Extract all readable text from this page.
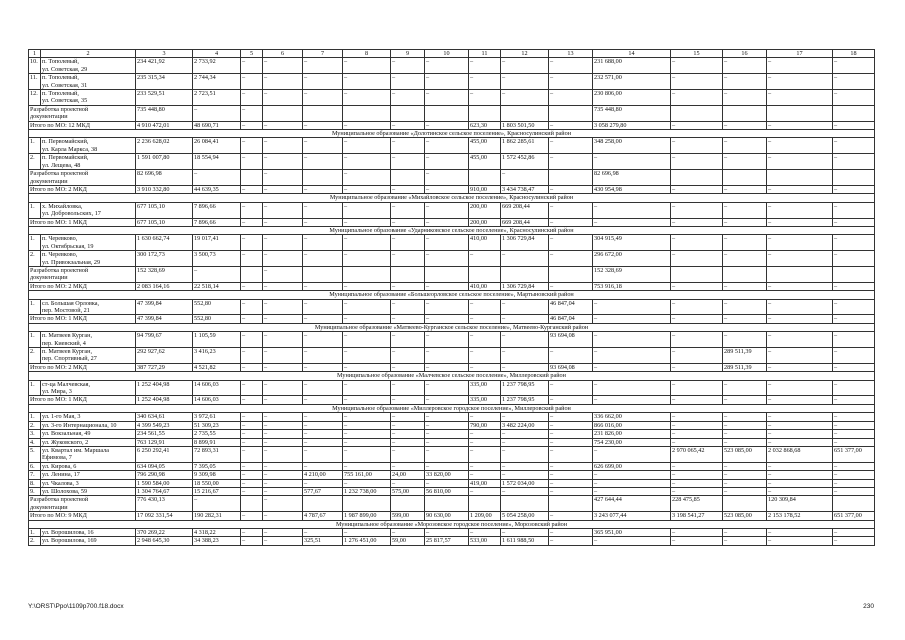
1	2	3	4	5	6	7	8	9	10	11	12	13	14	15	16	17	18
10.	п. Тополевый,
ул. Советская, 29	234 421,92	2 733,92	–	–	–	–	–	–	–	–	–	231 688,00	–	–	–	–
11.	п. Тополевый,
ул. Советская, 31	235 315,34	2 744,34	–	–	–	–	–	–	–	–	–	232 571,00	–	–	–	–
12.	п. Тополевый,
ул. Советская, 35	233 529,51	2 723,51	–	–	–	–	–	–	–	–	–	230 806,00	–	–	–	–
Разработка проектной
документации		735 448,80	–	–									735 448,80				
Итого по МО: 12 МКД		4 910 472,01	48 690,71	–	–	–	–	–	–	623,30	1 803 501,50	–	3 058 279,80	–	–	–	–
Муниципальное образование «Долотинское сельское поселение», Красносулинский район																	
1.	п. Первомайский,
ул. Карла Маркса, 38	2 236 628,02	26 084,41	–	–	–	–	–	–	455,00	1 862 285,61	–	348 258,00	–	–	–	–
2.	п. Первомайский,
ул. Лещева, 48	1 591 007,80	18 554,94	–	–	–	–	–	–	455,00	1 572 452,86	–	–	–	–	–	–
Разработка проектной
документации		82 696,98	–		–		–		–		–		82 696,98				
Итого по МО: 2 МКД		3 910 332,80	44 639,35	–	–	–	–	–	–	910,00	3 434 738,47	–	430 954,98	–	–	–	–
Муниципальное образование «Михайловское сельское поселение», Красносулинский район																	
1.	х. Михайловка,
ул. Добровольских, 17	677 105,10	7 896,66	–	–	–	–	–	–	200,00	669 208,44	–	–	–	–	–	–
Итого по МО: 1 МКД		677 105,10	7 896,66	–	–	–	–	–	–	200,00	669 208,44	–	–	–	–	–	–
Муниципальное образование «Ударниковское сельское поселение», Красносулинский район																	
1.	п. Черевково,
ул. Октябрьская, 19	1 630 662,74	19 017,41	–	–	–	–	–	–	410,00	1 306 729,84	–	304 915,49	–	–	–	–
2.	п. Черевково,
ул. Привокзальная, 29	300 172,73	3 500,73	–	–	–	–	–	–	–	–	–	296 672,00	–	–	–	–
Разработка проектной
документации		152 328,69	–		–								152 328,69				
Итого по МО: 2 МКД		2 083 164,16	22 518,14	–	–	–	–	–	–	410,00	1 306 729,84	–	753 916,18	–	–	–	–
Муниципальное образование «Большеорловское сельское поселение», Мартыновский район																	
1.	сл. Большая Орловка,
пер. Мостовой, 21	47 399,84	552,80	–	–	–	–	–	–	–	–	46 847,04	–	–	–	–	–
Итого по МО: 1 МКД		47 399,84	552,80	–	–	–	–	–	–	–	–	46 847,04	–	–	–	–	–
Муниципальное образование «Матвеево-Курганское сельское поселение», Матвеево-Курганский район																	
1.	п. Матвеев Курган,
пер. Киевский, 4	94 799,67	1 105,59	–	–	–	–	–	–	–	–	93 694,08	–	–	–	–	–
2.	п. Матвеев Курган,
пер. Спортивный, 27	292 927,62	3 416,23	–	–	–	–	–	–	–	–	–	–	–	289 511,39	–	–
Итого по МО: 2 МКД		387 727,29	4 521,82	–	–	–	–	–	–	–	–	93 694,08	–	–	289 511,39	–	–
Муниципальное образование «Малчевское сельское поселение», Миллеровский район																	
1.	ст-ца Малчевская,
ул. Мира, 3	1 252 404,98	14 606,03	–	–	–	–	–	–	335,00	1 237 798,95	–	–	–	–	–	–
Итого по МО: 1 МКД		1 252 404,98	14 606,03	–	–	–	–	–	–	335,00	1 237 798,95	–	–	–	–	–	–
Муниципальное образование «Миллеровское городское поселение», Миллеровский район																	
1.	ул. 1-го Мая, 3	340 634,61	3 972,61	–	–	–	–	–	–	–	–	–	336 662,00	–	–	–	–
2.	ул. 3-го Интернационала, 10	4 399 549,23	51 309,23	–	–	–	–	–	–	790,00	3 482 224,00	–	866 016,00	–	–	–	–
3.	ул. Вокзальная, 49	234 561,55	2 735,55	–	–	–	–	–	–	–	–	–	231 826,00	–	–	–	–
4.	ул. Жуковского, 2	763 129,91	8 899,91	–	–	–	–	–	–	–	–	–	754 230,00	–	–	–	–
5.	ул. Квартал им. Маршала
Ефимова, 7	6 250 292,41	72 893,31	–	–	–	–	–	–	–	–	–	–	2 970 065,42	523 085,00	2 032 868,68	651 377,00
6.	ул. Кирова, 6	634 094,05	7 395,05	–	–	–	–	–	–	–	–	–	626 699,00	–	–	–	–
7.	ул. Ленина, 17	796 290,98	9 309,98	–	–	4 210,00	755 161,00	24,00	33 820,00	–	–	–	–	–	–	–	–
8.	ул. Чкалова, 3	1 590 584,00	18 550,00	–	–	–	–	–	–	419,00	1 572 034,00	–	–	–	–	–	–
9.	ул. Шолохова, 59	1 304 764,67	15 216,67	–	–	577,67	1 232 738,00	575,00	56 810,00	–	–	–	–	–	–	–	–
Разработка проектной
документации		776 430,13	–		–								427 644,44	228 475,85		120 309,84	
Итого по МО: 9 МКД		17 092 331,54	190 282,31	–	–	4 787,67	1 987 899,00	599,00	90 630,00	1 209,00	5 054 258,00	–	3 243 077,44	3 198 541,27	523 085,00	2 153 178,52	651 377,00
Муниципальное образование «Морозовское городское поселение», Морозовский район																	
1.	ул. Ворошилова, 16	370 269,22	4 318,22	–	–	–	–	–	–	–	–	–	365 951,00	–	–	–	–
2.	ул. Ворошилова, 169	2 948 645,30	34 388,23	–	–	325,51	1 276 451,00	59,00	25 817,57	533,00	1 611 988,50	–	–	–	–	–	–
Y:\ORST\Ppo\1109p700.f18.docx	230
